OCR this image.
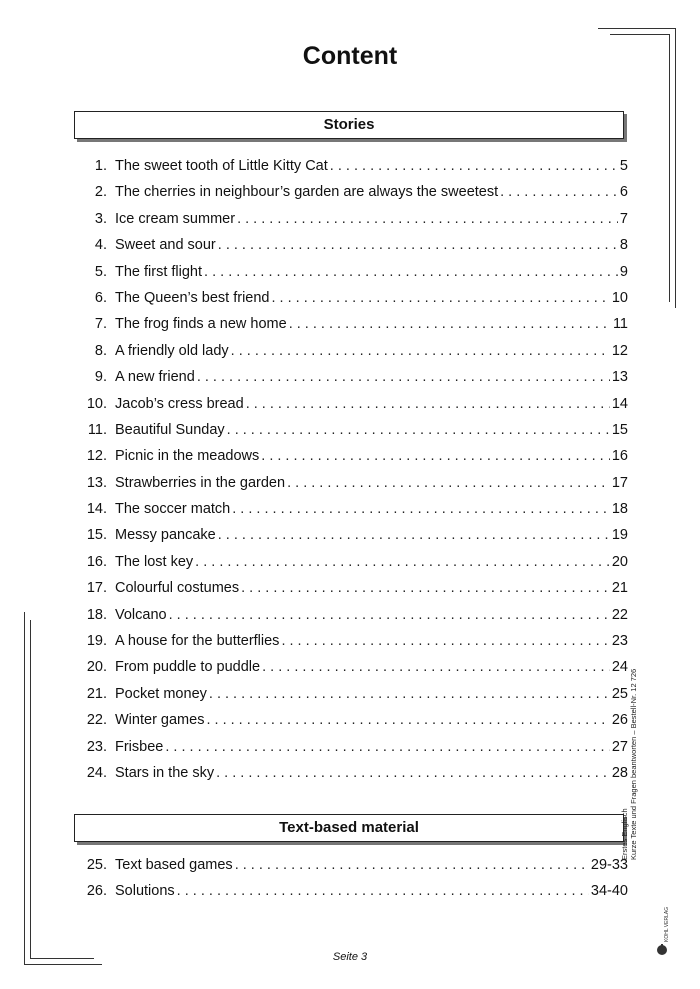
Content
Stories
1. The sweet tooth of Little Kitty Cat . . .	5
2. The cherries in neighbour’s garden are always the sweetest . . .	6
3. Ice cream summer . . .	7
4. Sweet and sour . . .	8
5. The first flight . . .	9
6. The Queen’s best friend . . .	10
7. The frog finds a new home . . .	11
8. A friendly old lady . . .	12
9. A new friend . . .	13
10. Jacob’s cress bread . . .	14
11. Beautiful Sunday . . .	15
12. Picnic in the meadows . . .	16
13. Strawberries in the garden . . .	17
14. The soccer match . . .	18
15. Messy pancake . . .	19
16. The lost key . . .	20
17. Colourful costumes . . .	21
18. Volcano . . .	22
19. A house for the butterflies . . .	23
20. From puddle to puddle . . .	24
21. Pocket money . . .	25
22. Winter games . . .	26
23. Frisbee . . .	27
24. Stars in the sky . . .	28
Text-based material
25. Text based games . . .	29-33
26. Solutions . . .	34-40
Seite 3
Erstes Englisch Kurze Texte und Fragen beantworten – Bestell-Nr. 12 726
KOHL VERLAG
